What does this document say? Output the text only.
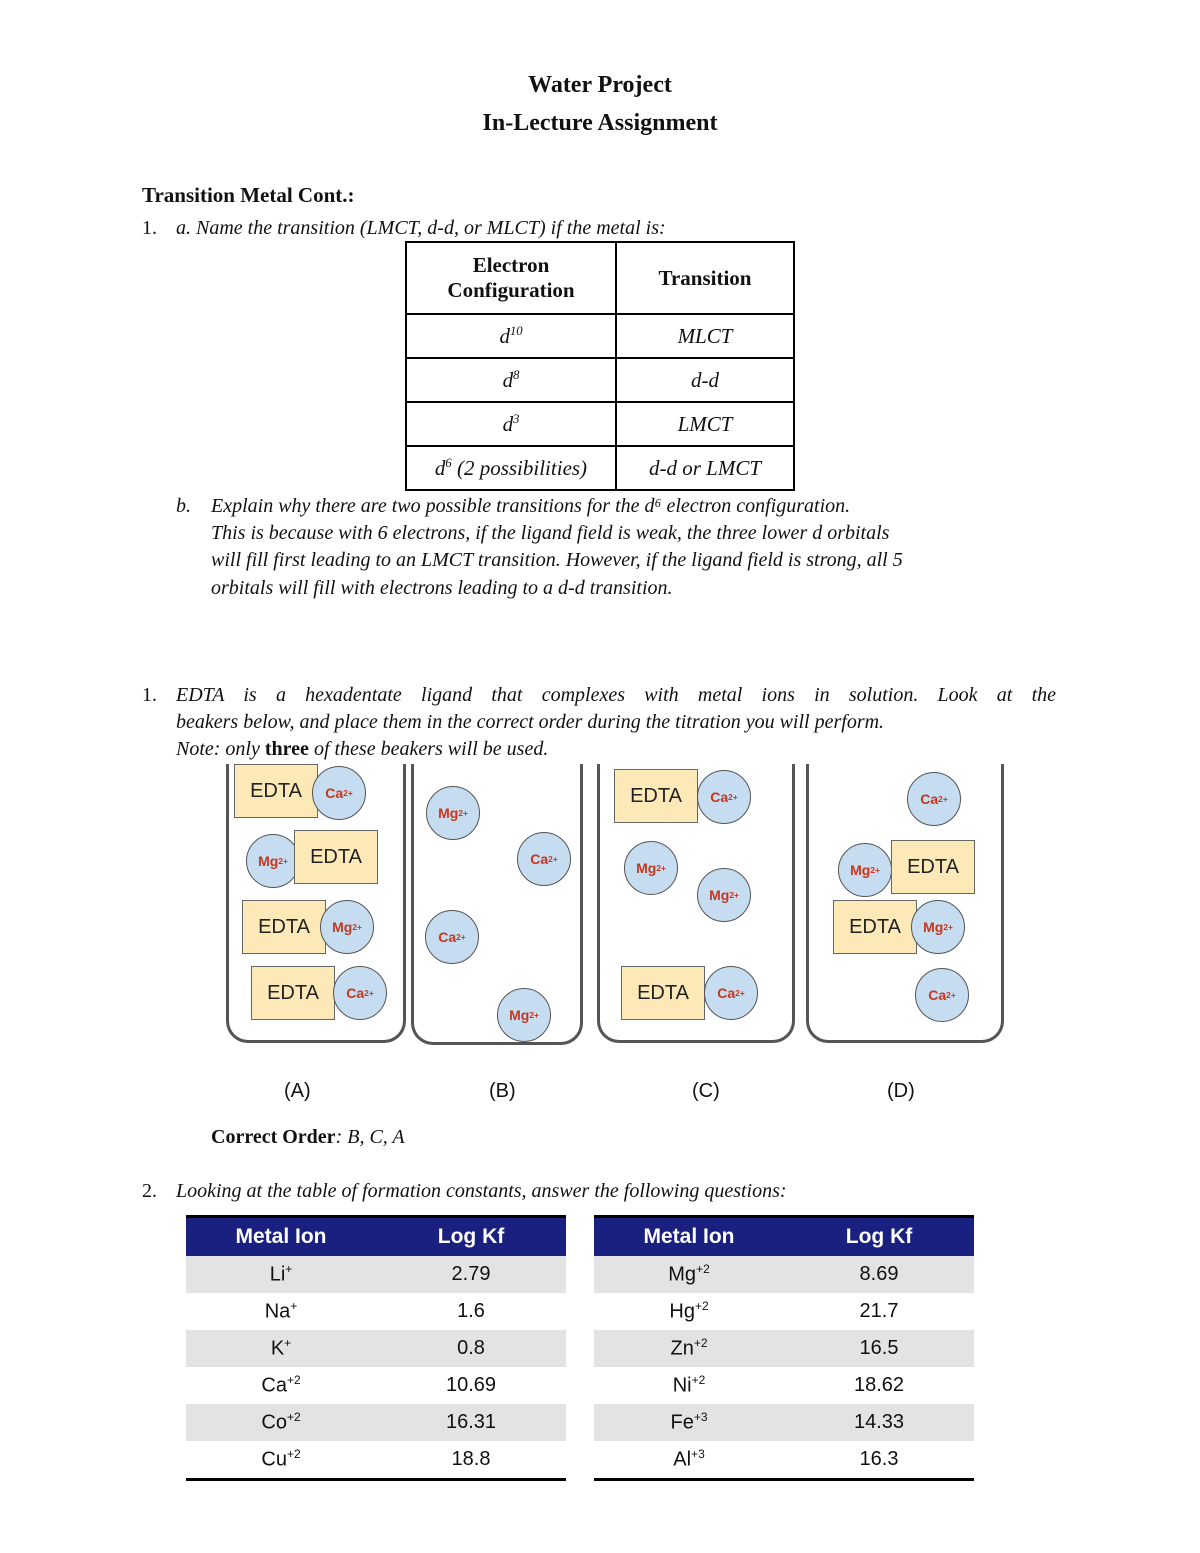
Water Project
In-Lecture Assignment
Transition Metal Cont.:
1. a. Name the transition (LMCT, d-d, or MLCT) if the metal is:
Electron Configuration	Transition
$d^{10}$	MLCT
$d^8$	d-d
$d^3$	LMCT
$d^6$ (2 possibilities)	d-d or LMCT
b. Explain why there are two possible transitions for the d⁶ electron configuration.
This is because with 6 electrons, if the ligand field is weak, the three lower d orbitals
will fill first leading to an LMCT transition. However, if the ligand field is strong, all 5
orbitals will fill with electrons leading to a d-d transition.
1. EDTA is a hexadentate ligand that complexes with metal ions in solution. Look at the
beakers below, and place them in the correct order during the titration you will perform.
Note: only three of these beakers will be used.
EDTA	Ca 2+
Mg 2+	EDTA
EDTA	Mg 2+
EDTA	Ca 2+
Mg 2+
Ca 2+
Ca 2+
Mg 2+
EDTA	Ca 2+
Mg 2+
Mg 2+
EDTA	Ca 2+
Ca 2+
Mg 2+	EDTA
EDTA	Mg 2+
Ca 2+
(A)	(B)	(C)	(D)
Correct Order: B, C, A
2. Looking at the table of formation constants, answer the following questions:
Metal Ion	Log Kf
Li+	2.79
Na+	1.6
K+	0.8
$Ca^{+2}$	10.69
$Co^{+2}$	16.31
$Cu^{+2}$	18.8
Metal Ion	Log Kf
$Mg^{+2}$	8.69
$Hg^{+2}$	21.7
$Zn^{+2}$	16.5
$Ni^{+2}$	18.62
$Fe^{+3}$	14.33
$Al^{+3}$	16.3
